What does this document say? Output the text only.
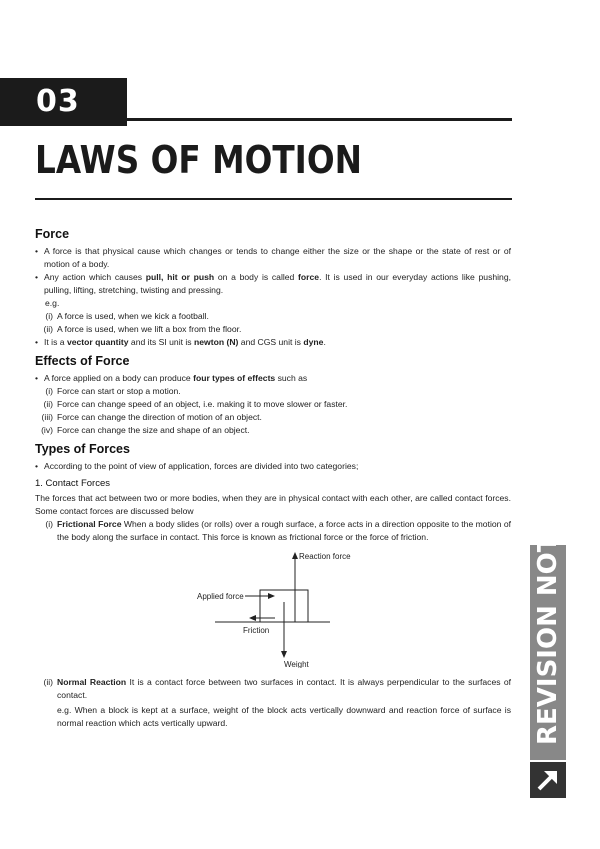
03
LAWS OF MOTION
Force
• A force is that physical cause which changes or tends to change either the size or the shape or the state of rest or of motion of a body.
• Any action which causes pull, hit or push on a body is called force. It is used in our everyday actions like pushing, pulling, lifting, stretching, twisting and pressing.
e.g.
(i) A force is used, when we kick a football.
(ii) A force is used, when we lift a box from the floor.
• It is a vector quantity and its SI unit is newton (N) and CGS unit is dyne.
Effects of Force
• A force applied on a body can produce four types of effects such as
(i) Force can start or stop a motion.
(ii) Force can change speed of an object, i.e. making it to move slower or faster.
(iii) Force can change the direction of motion of an object.
(iv) Force can change the size and shape of an object.
Types of Forces
• According to the point of view of application, forces are divided into two categories;
1. Contact Forces

The forces that act between two or more bodies, when they are in physical contact with each other, are called contact forces. Some contact forces are discussed below

(i) Frictional Force When a body slides (or rolls) over a rough surface, a force acts in a direction opposite to the motion of the body along the surface in contact. This force is known as frictional force or the force of friction.
Reaction force
Applied force
Friction
Weight
(ii) Normal Reaction It is a contact force between two surfaces in contact. It is always perpendicular to the surfaces of contact.
e.g. When a block is kept at a surface, weight of the block acts vertically downward and reaction force of surface is normal reaction which acts vertically upward.	REVISION NOTES
